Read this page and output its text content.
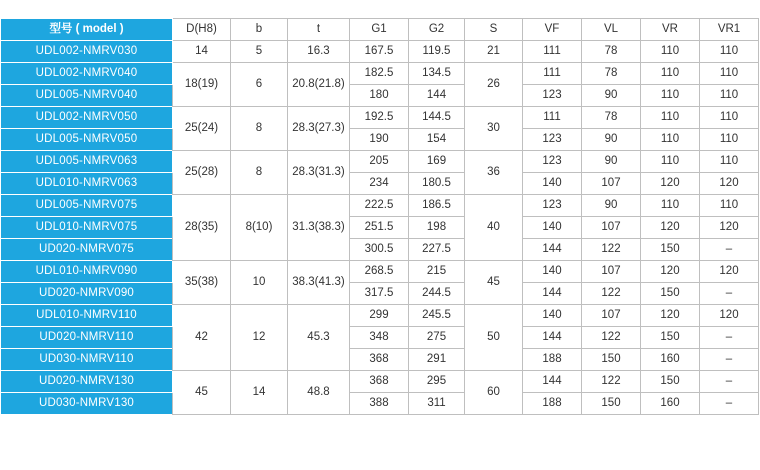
型号 ( model )	D(H8)	b	t	G1	G2	S	VF	VL	VR	VR1
UDL002-NMRV030	14	5	16.3	167.5	119.5	21	111	78	110	110
UDL002-NMRV040	18(19)	6	20.8(21.8)	182.5	134.5	26	111	78	110	110
UDL005-NMRV040				180	144		123	90	110	110
UDL002-NMRV050	25(24)	8	28.3(27.3)	192.5	144.5	30	111	78	110	110
UDL005-NMRV050				190	154		123	90	110	110
UDL005-NMRV063	25(28)	8	28.3(31.3)	205	169	36	123	90	110	110
UDL010-NMRV063				234	180.5		140	107	120	120
UDL005-NMRV075	28(35)	8(10)	31.3(38.3)	222.5	186.5	40	123	90	110	110
UDL010-NMRV075				251.5	198		140	107	120	120
UD020-NMRV075				300.5	227.5		144	122	150	–
UDL010-NMRV090	35(38)	10	38.3(41.3)	268.5	215	45	140	107	120	120
UD020-NMRV090				317.5	244.5		144	122	150	–
UDL010-NMRV110	42	12	45.3	299	245.5	50	140	107	120	120
UD020-NMRV110				348	275		144	122	150	–
UD030-NMRV110				368	291		188	150	160	–
UD020-NMRV130	45	14	48.8	368	295	60	144	122	150	–
UD030-NMRV130				388	311		188	150	160	–
